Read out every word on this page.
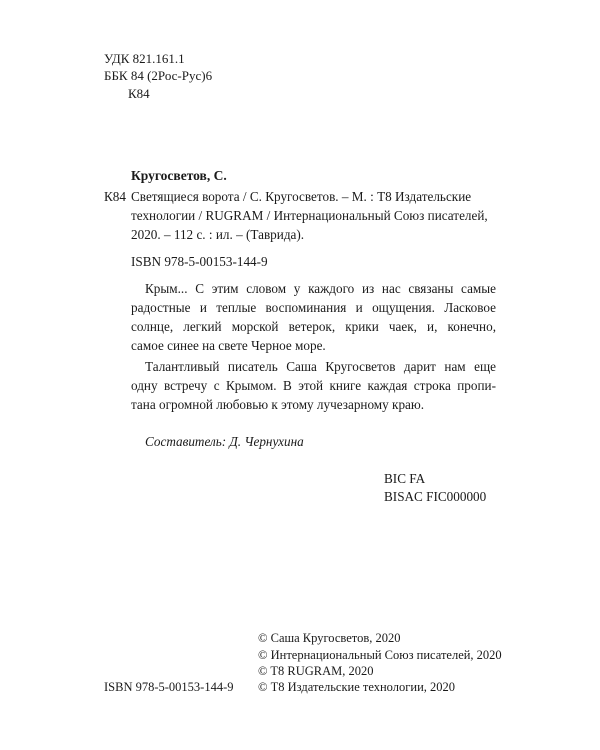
УДК 821.161.1
ББК 84 (2Рос-Рус)6
К84
Кругосветов, С.
К84 Светящиеся ворота / С. Кругосветов. – М. : Т8 Издательские
технологии / RUGRAM / Интернациональный Союз писателей,
2020. – 112 с. : ил. – (Таврида).
ISBN 978-5-00153-144-9
Крым... С этим словом у каждого из нас связаны самые
радостные и теплые воспоминания и ощущения. Ласковое
солнце, легкий морской ветерок, крики чаек, и, конечно,
самое синее на свете Черное море.
Талантливый писатель Саша Кругосветов дарит нам еще
одну встречу с Крымом. В этой книге каждая строка пропи-
тана огромной любовью к этому лучезарному краю.
Составитель: Д. Чернухина
BIC FA
BISAC FIC000000
© Саша Кругосветов, 2020
© Интернациональный Союз писателей, 2020
© T8 RUGRAM, 2020
ISBN 978-5-00153-144-9 © Т8 Издательские технологии, 2020
